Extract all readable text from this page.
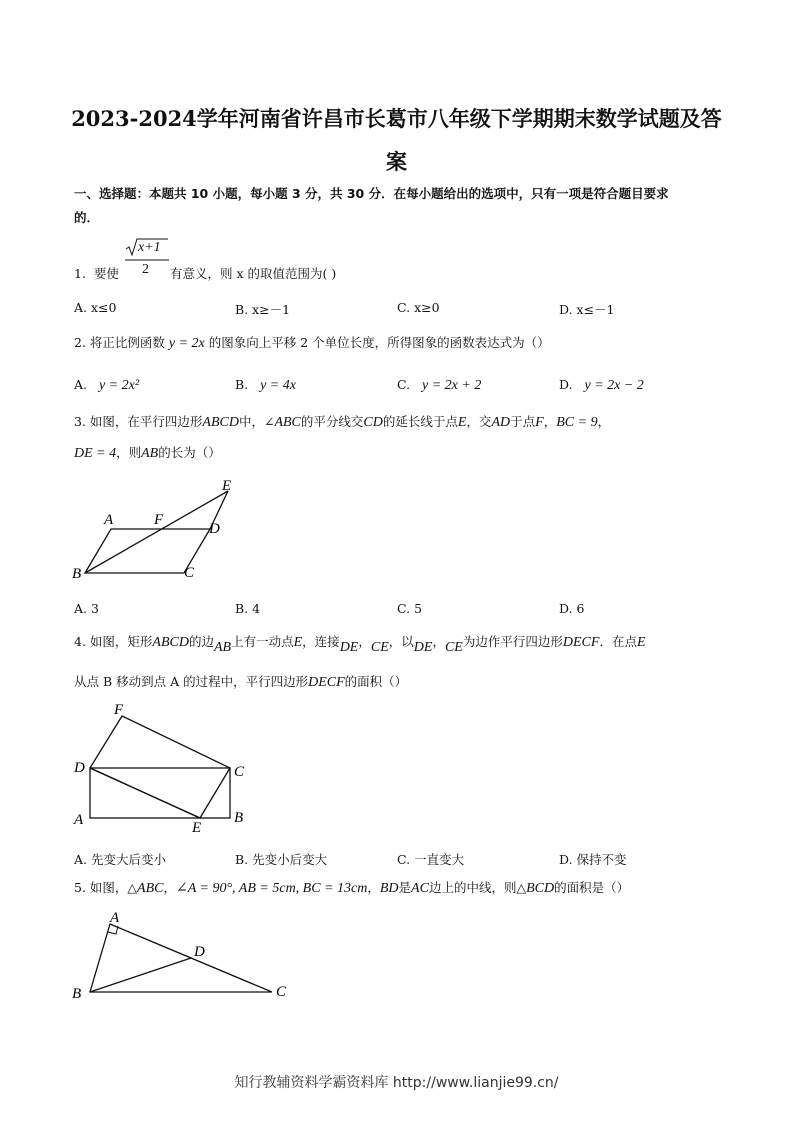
2023-2024学年河南省许昌市长葛市八年级下学期期末数学试题及答
案
一、选择题：本题共 10 小题，每小题 3 分，共 30 分．在每小题给出的选项中，只有一项是符合题目要求
的．
1. 要使
x+1
2 有意义，则 x 的取值范围为( )
A. x≤0	B. x≥－1	C. x≥0	D. x≤－1
2. 将正比例函数 y = 2x 的图象向上平移 2 个单位长度，所得图象的函数表达式为（）
A. y = 2x²	B. y = 4x	C. y = 2x + 2	D. y = 2x − 2
3. 如图，在平行四边形ABCD中，∠ABC的平分线交CD的延长线于点E，交AD于点F，BC = 9，
DE = 4，则AB的长为（）
A	F
E
D
B	C
A. 3	B. 4	C. 5	D. 6
4. 如图，矩形ABCD的边AB上有一动点E，连接DE，CE，以DE，CE为边作平行四边形DECF．在点E
从点 B 移动到点 A 的过程中，平行四边形DECF的面积（）
F
D	C
A	E
B
A. 先变大后变小	B. 先变小后变大	C. 一直变大	D. 保持不变
5. 如图，△ABC，∠A = 90°, AB = 5cm, BC = 13cm，BD是AC边上的中线，则△BCD的面积是（）
A
D
B	C
知行教辅资料学霸资料库 http://www.lianjie99.cn/
